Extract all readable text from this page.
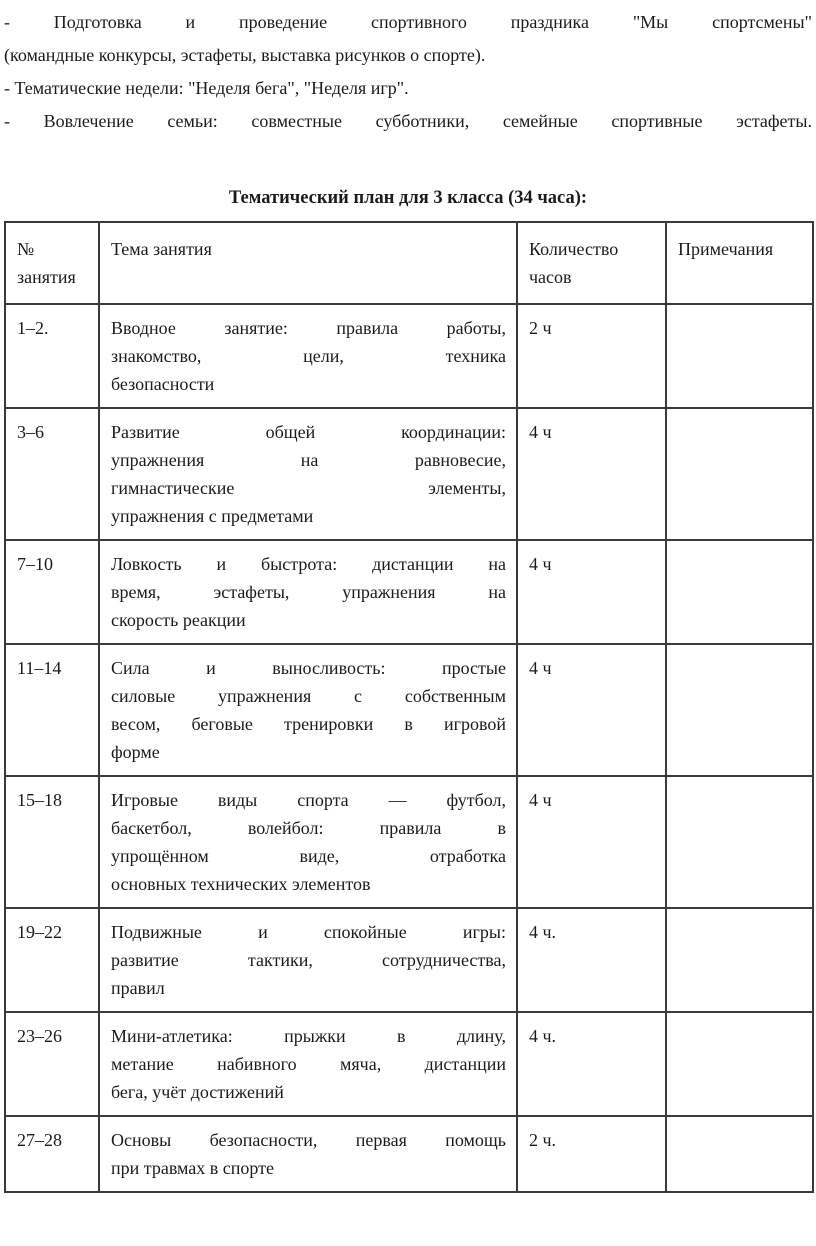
- Подготовка и проведение спортивного праздника "Мы спортсмены"
(командные конкурсы, эстафеты, выставка рисунков о спорте).

- Тематические недели: "Неделя бега", "Неделя игр".

- Вовлечение семьи: совместные субботники, семейные спортивные эстафеты.

Тематический план для 3 класса (34 часа):
№ занятия	Тема занятия	Количество часов	Примечания
1–2.	Вводное занятие: правила работы,
знакомство, цели, техника
безопасности	2 ч	
3–6	Развитие общей координации:
упражнения на равновесие,
гимнастические элементы,
упражнения с предметами	4 ч	
7–10	Ловкость и быстрота: дистанции на
время, эстафеты, упражнения на
скорость реакции	4 ч	
11–14	Сила и выносливость: простые
силовые упражнения с собственным
весом, беговые тренировки в игровой
форме	4 ч	
15–18	Игровые виды спорта — футбол,
баскетбол, волейбол: правила в
упрощённом виде, отработка
основных технических элементов	4 ч	
19–22	Подвижные и спокойные игры:
развитие тактики, сотрудничества,
правил	4 ч.	
23–26	Мини-атлетика: прыжки в длину,
метание набивного мяча, дистанции
бега, учёт достижений	4 ч.	
27–28	Основы безопасности, первая помощь
при травмах в спорте	2 ч.	
